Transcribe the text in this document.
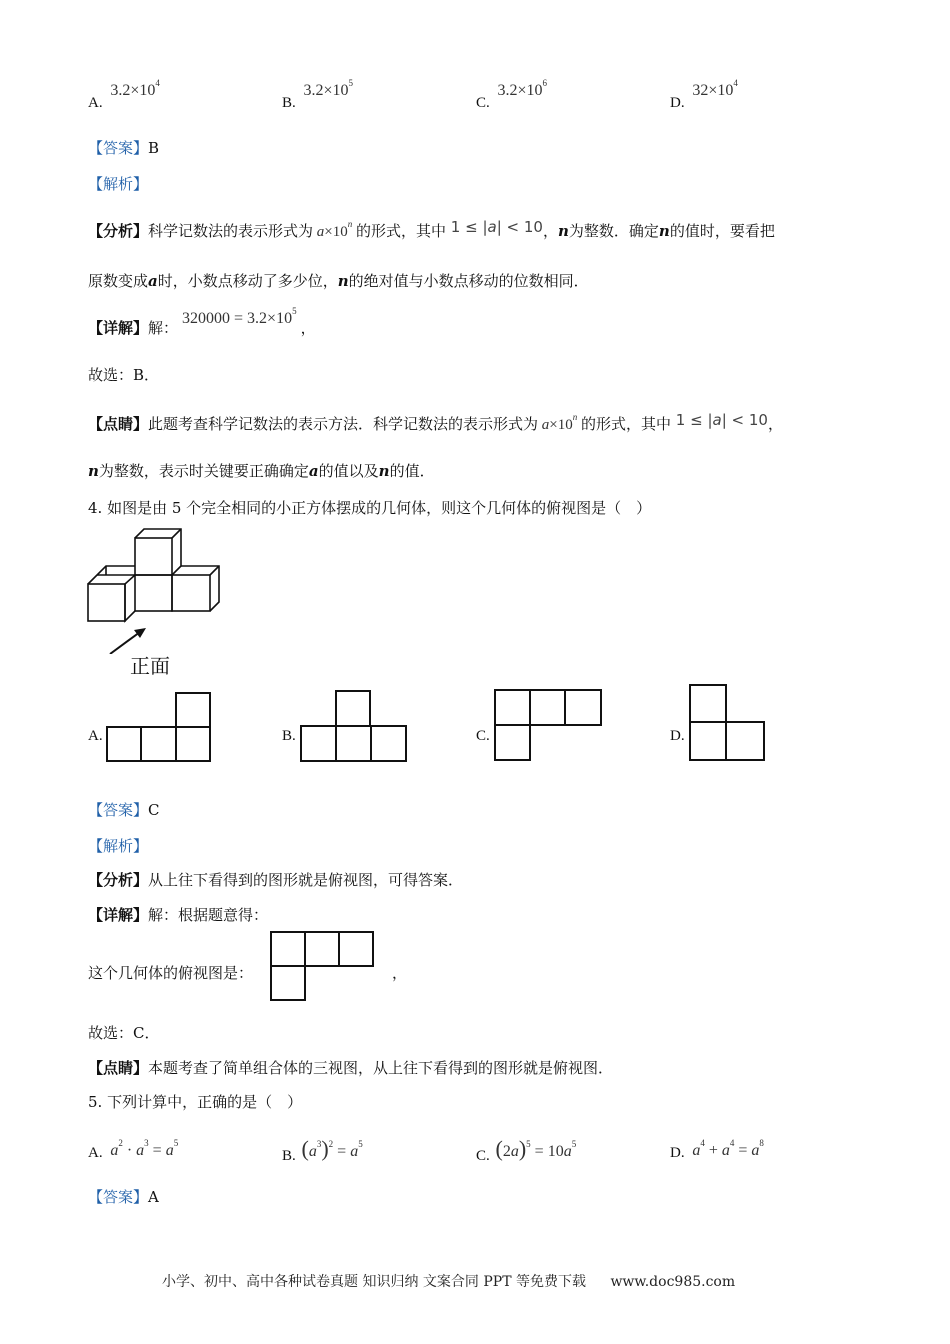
A. $3.2\times 10^4$
B. $3.2\times 10^5$
C. $3.2\times 10^6$
D. $32\times 10^4$
【答案】B
【解析】
【分析】科学记数法的表示形式为 $a\times 10^n$ 的形式，其中 1 ≤ |a| < 10，n为整数．确定n的值时，要看把
原数变成a时，小数点移动了多少位，n的绝对值与小数点移动的位数相同．
【详解】解：$320000 = 3.2\times 10^5$，
故选：B．
【点睛】此题考查科学记数法的表示方法．科学记数法的表示形式为 $a\times 10^n$ 的形式，其中 1 ≤ |a| < 10，
n为整数，表示时关键要正确确定a的值以及n的值．
4. 如图是由 5 个完全相同的小正方体摆成的几何体，则这个几何体的俯视图是（　）
正面
A.	B.	C.	D.
【答案】C
【解析】
【分析】从上往下看得到的图形就是俯视图，可得答案．
【详解】解：根据题意得：
这个几何体的俯视图是：	，
故选：C．
【点睛】本题考查了简单组合体的三视图，从上往下看得到的图形就是俯视图．
5. 下列计算中，正确的是（　）
A. $a^2 \cdot a^3 = a^5$
B. $(a^3)^2 = a^5$
C. $(2a)^5 = 10a^5$
D. $a^4 + a^4 = a^8$
【答案】A
小学、初中、高中各种试卷真题 知识归纳 文案合同 PPT 等免费下载 www.doc985.com
